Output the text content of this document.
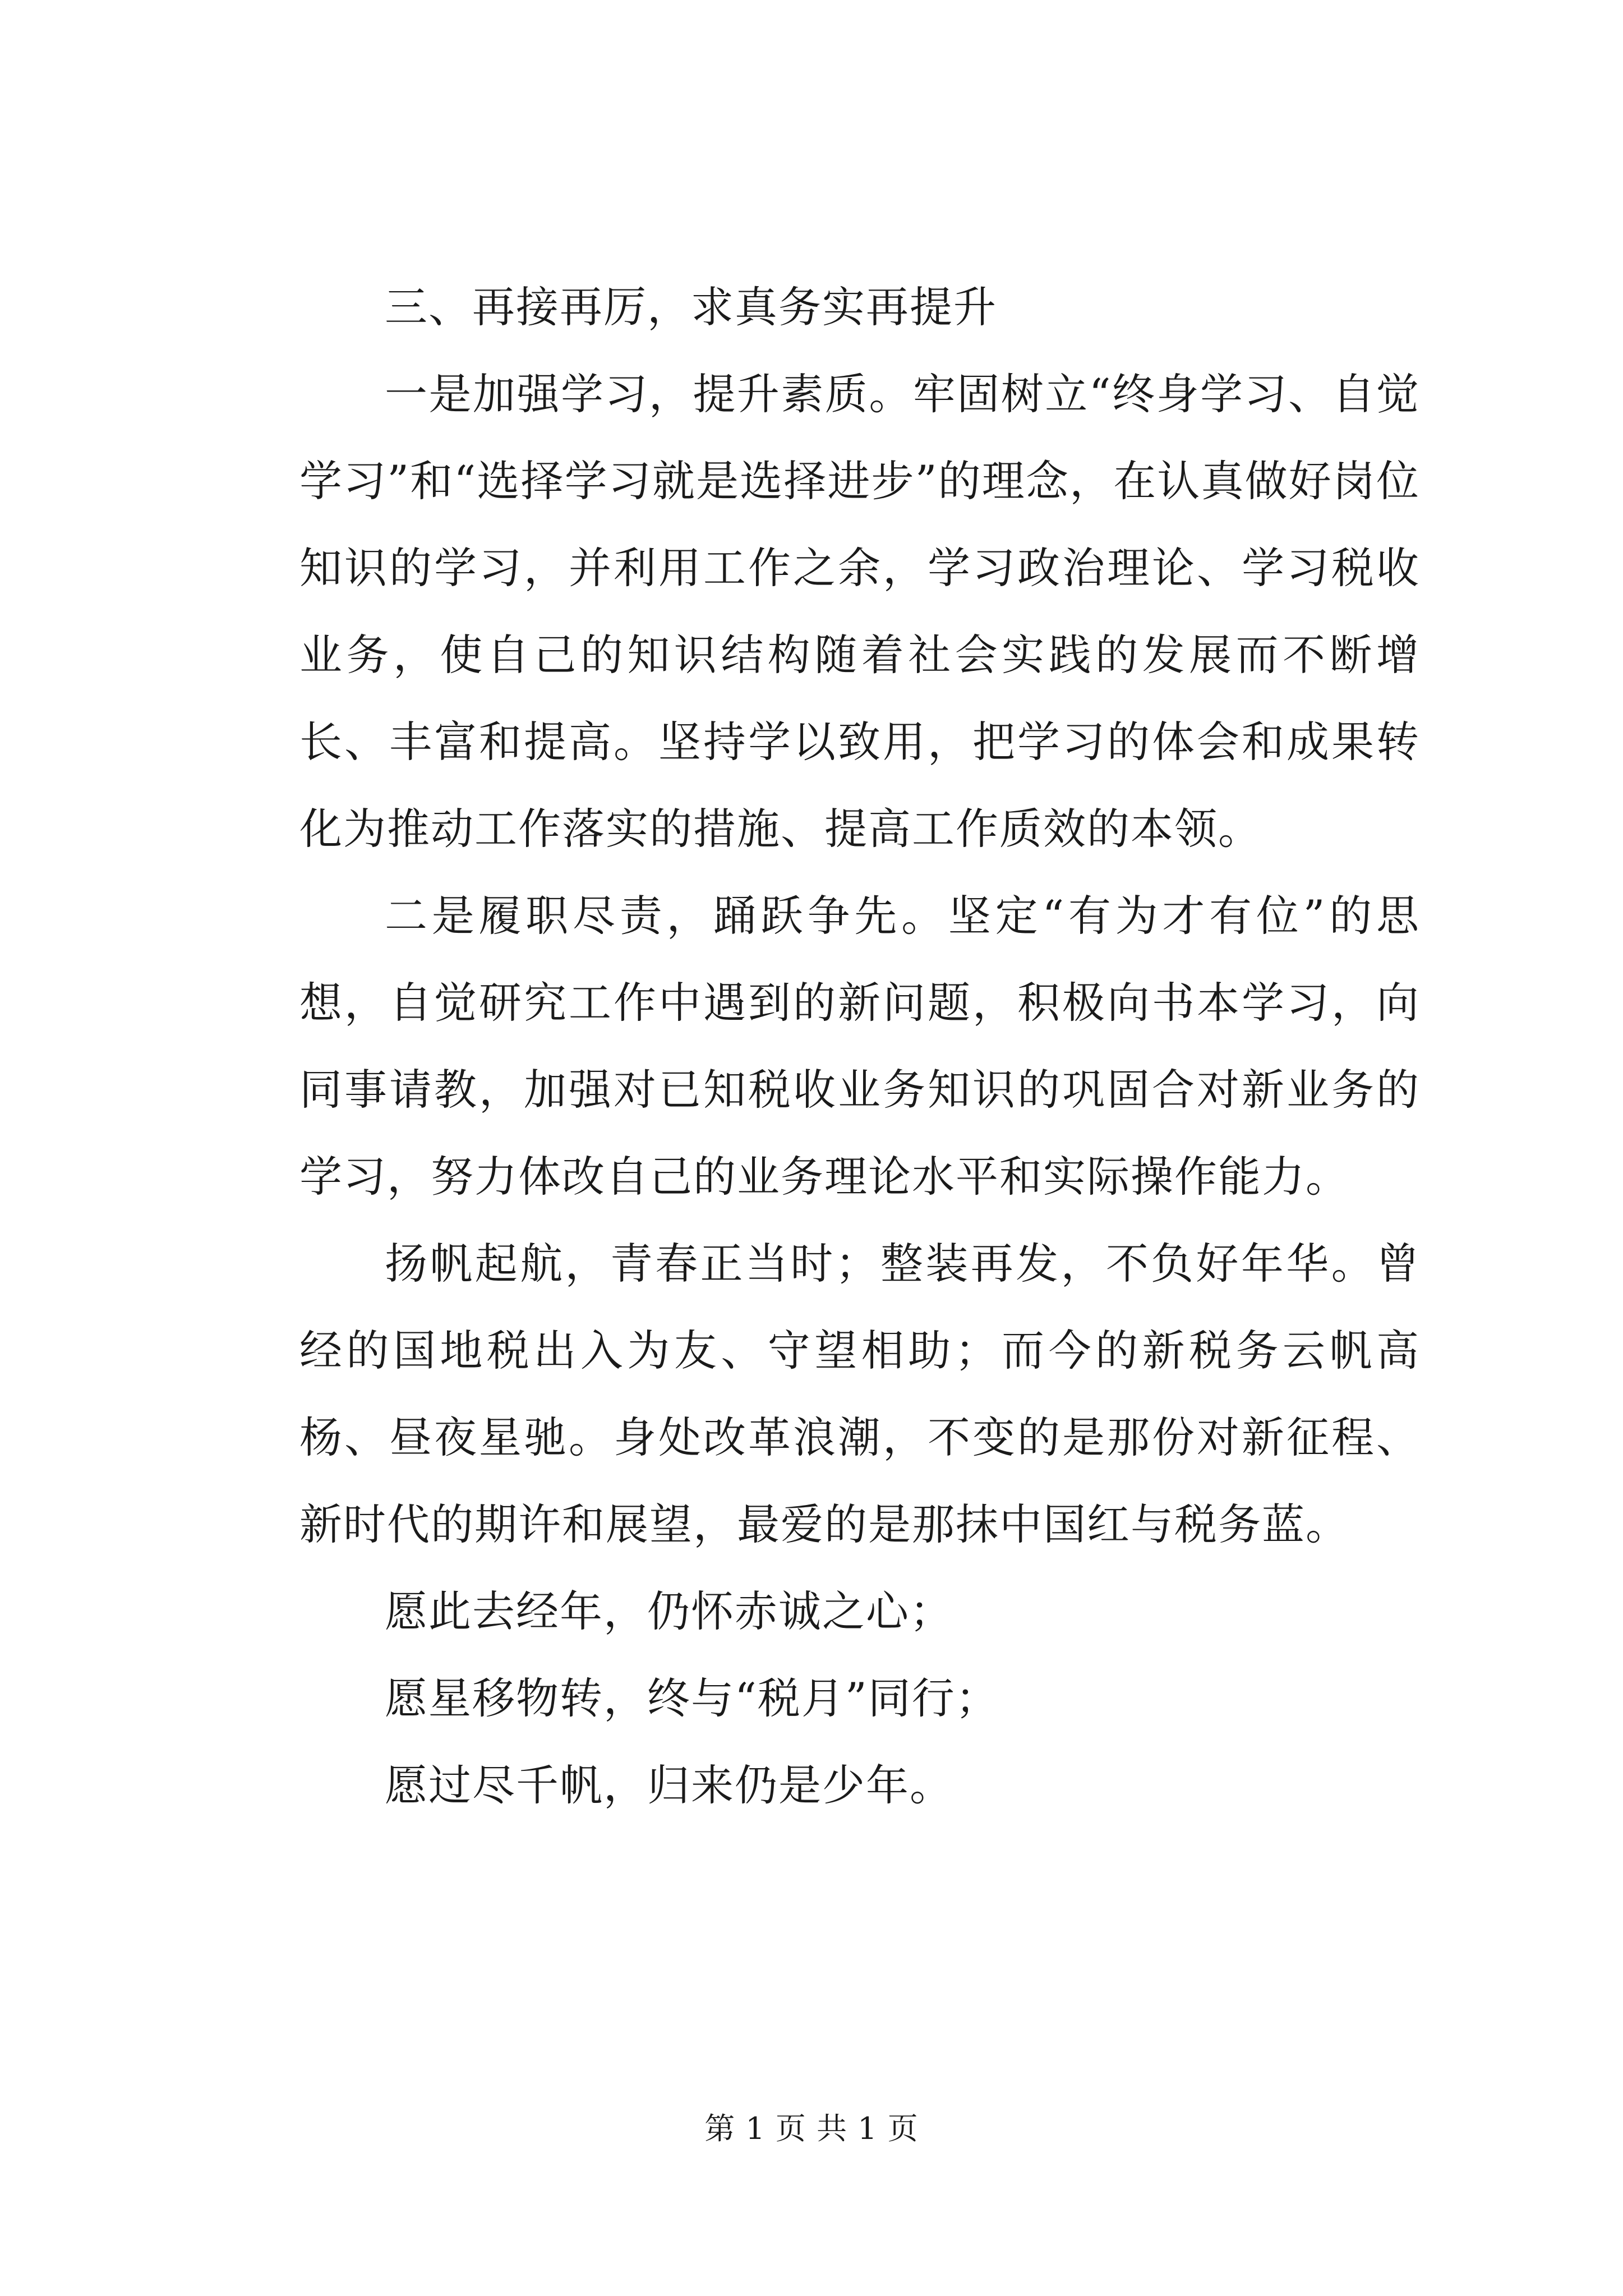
三、再接再厉，求真务实再提升

一是加强学习，提升素质。牢固树立“终身学习、自觉学习”和“选择学习就是选择进步”的理念，在认真做好岗位知识的学习，并利用工作之余，学习政治理论、学习税收业务，使自己的知识结构随着社会实践的发展而不断增长、丰富和提高。坚持学以致用，把学习的体会和成果转化为推动工作落实的措施、提高工作质效的本领。

二是履职尽责，踊跃争先。坚定“有为才有位”的思想，自觉研究工作中遇到的新问题，积极向书本学习，向同事请教，加强对已知税收业务知识的巩固合对新业务的学习，努力体改自己的业务理论水平和实际操作能力。

扬帆起航，青春正当时；整装再发，不负好年华。曾经的国地税出入为友、守望相助；而今的新税务云帆高杨、昼夜星驰。身处改革浪潮，不变的是那份对新征程、新时代的期许和展望，最爱的是那抹中国红与税务蓝。

愿此去经年，仍怀赤诚之心；

愿星移物转，终与“税月”同行；

愿过尽千帆，归来仍是少年。

第 1 页 共 1 页
